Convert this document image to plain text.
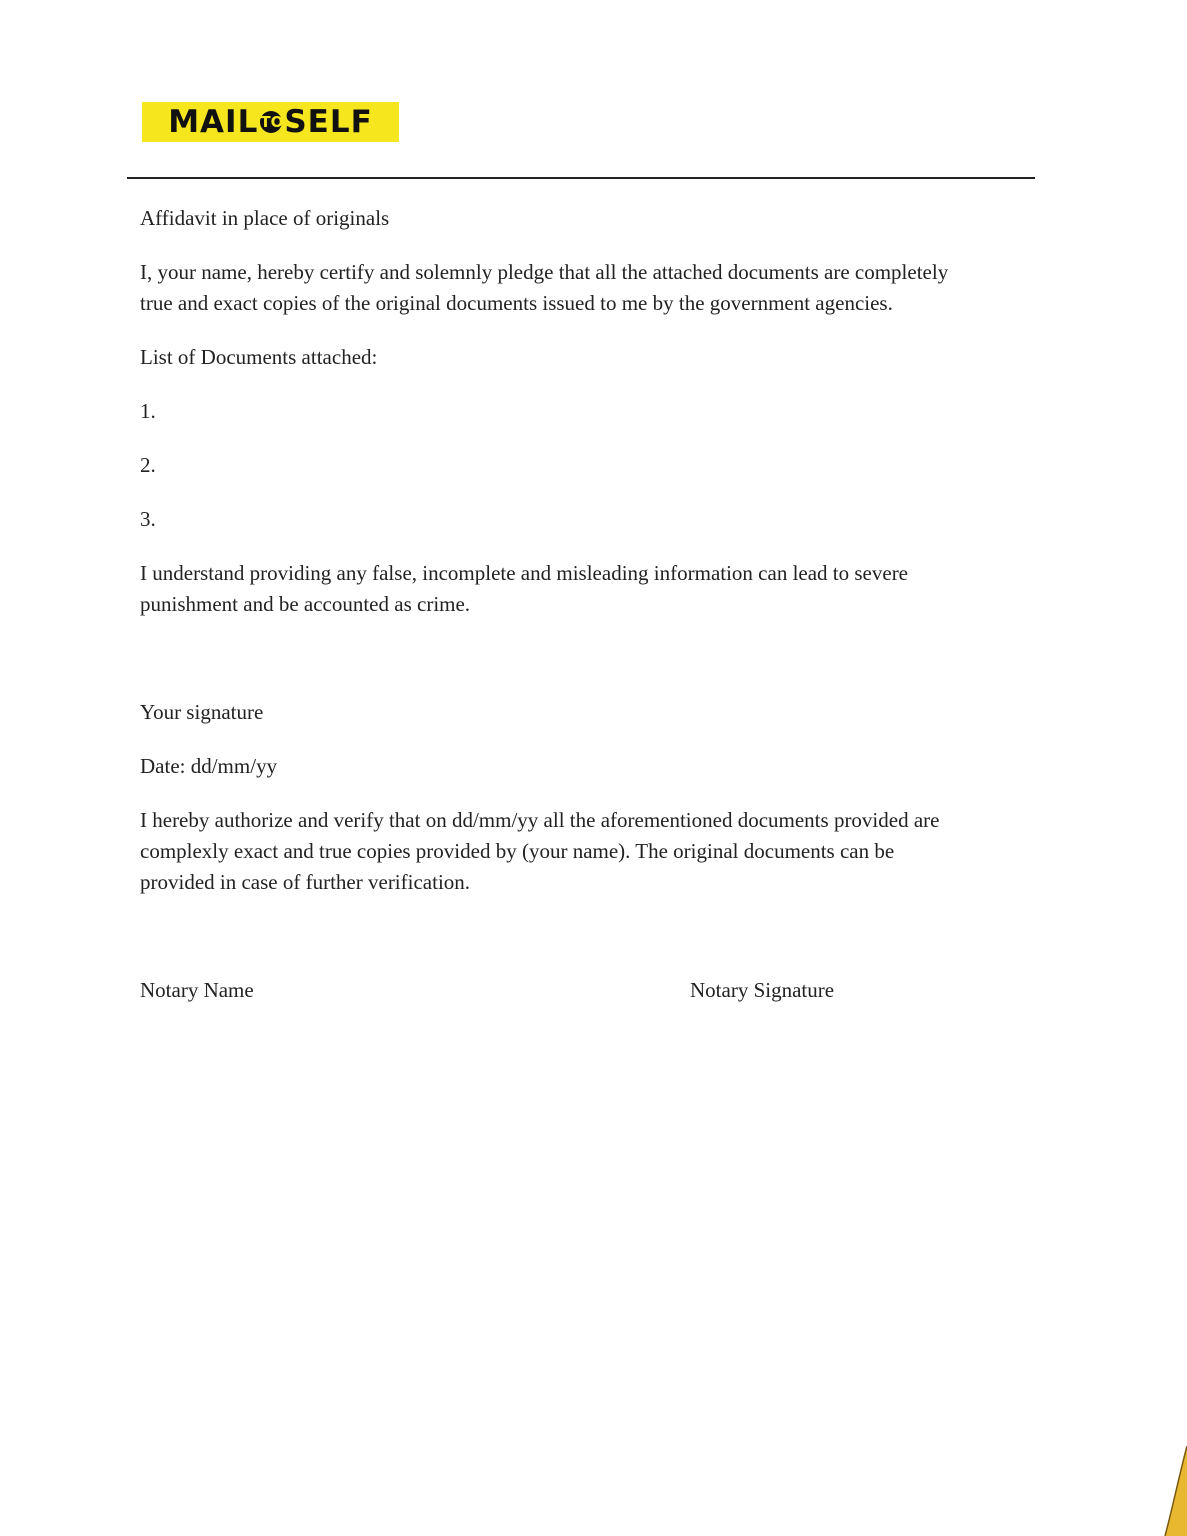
MAIL TO SELF
Affidavit in place of originals
I, your name, hereby certify and solemnly pledge that all the attached documents are completely
true and exact copies of the original documents issued to me by the government agencies.
List of Documents attached:
1.
2.
3.
I understand providing any false, incomplete and misleading information can lead to severe
punishment and be accounted as crime.
Your signature
Date: dd/mm/yy
I hereby authorize and verify that on dd/mm/yy all the aforementioned documents provided are
complexly exact and true copies provided by (your name). The original documents can be
provided in case of further verification.
Notary Name	Notary Signature
